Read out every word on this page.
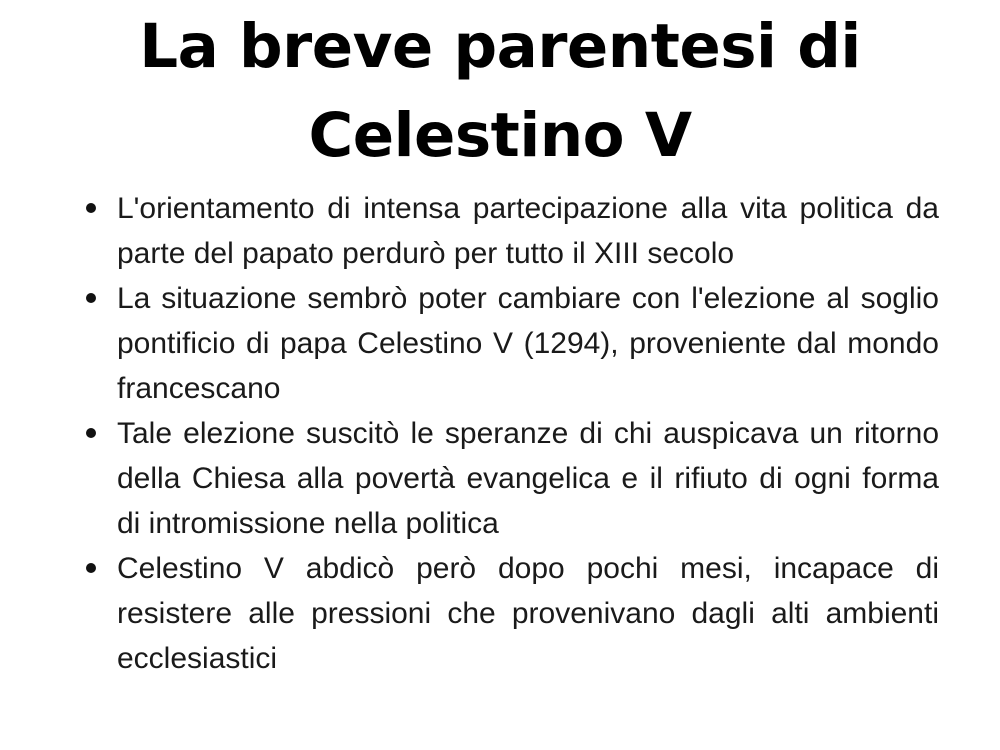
La breve parentesi di Celestino V
L'orientamento di intensa partecipazione alla vita politica da parte del papato perdurò per tutto il XIII secolo
La situazione sembrò poter cambiare con l'elezione al soglio pontificio di papa Celestino V (1294), proveniente dal mondo francescano
Tale elezione suscitò le speranze di chi auspicava un ritorno della Chiesa alla povertà evangelica e il rifiuto di ogni forma di intromissione nella politica
Celestino V abdicò però dopo pochi mesi, incapace di resistere alle pressioni che provenivano dagli alti ambienti ecclesiastici
